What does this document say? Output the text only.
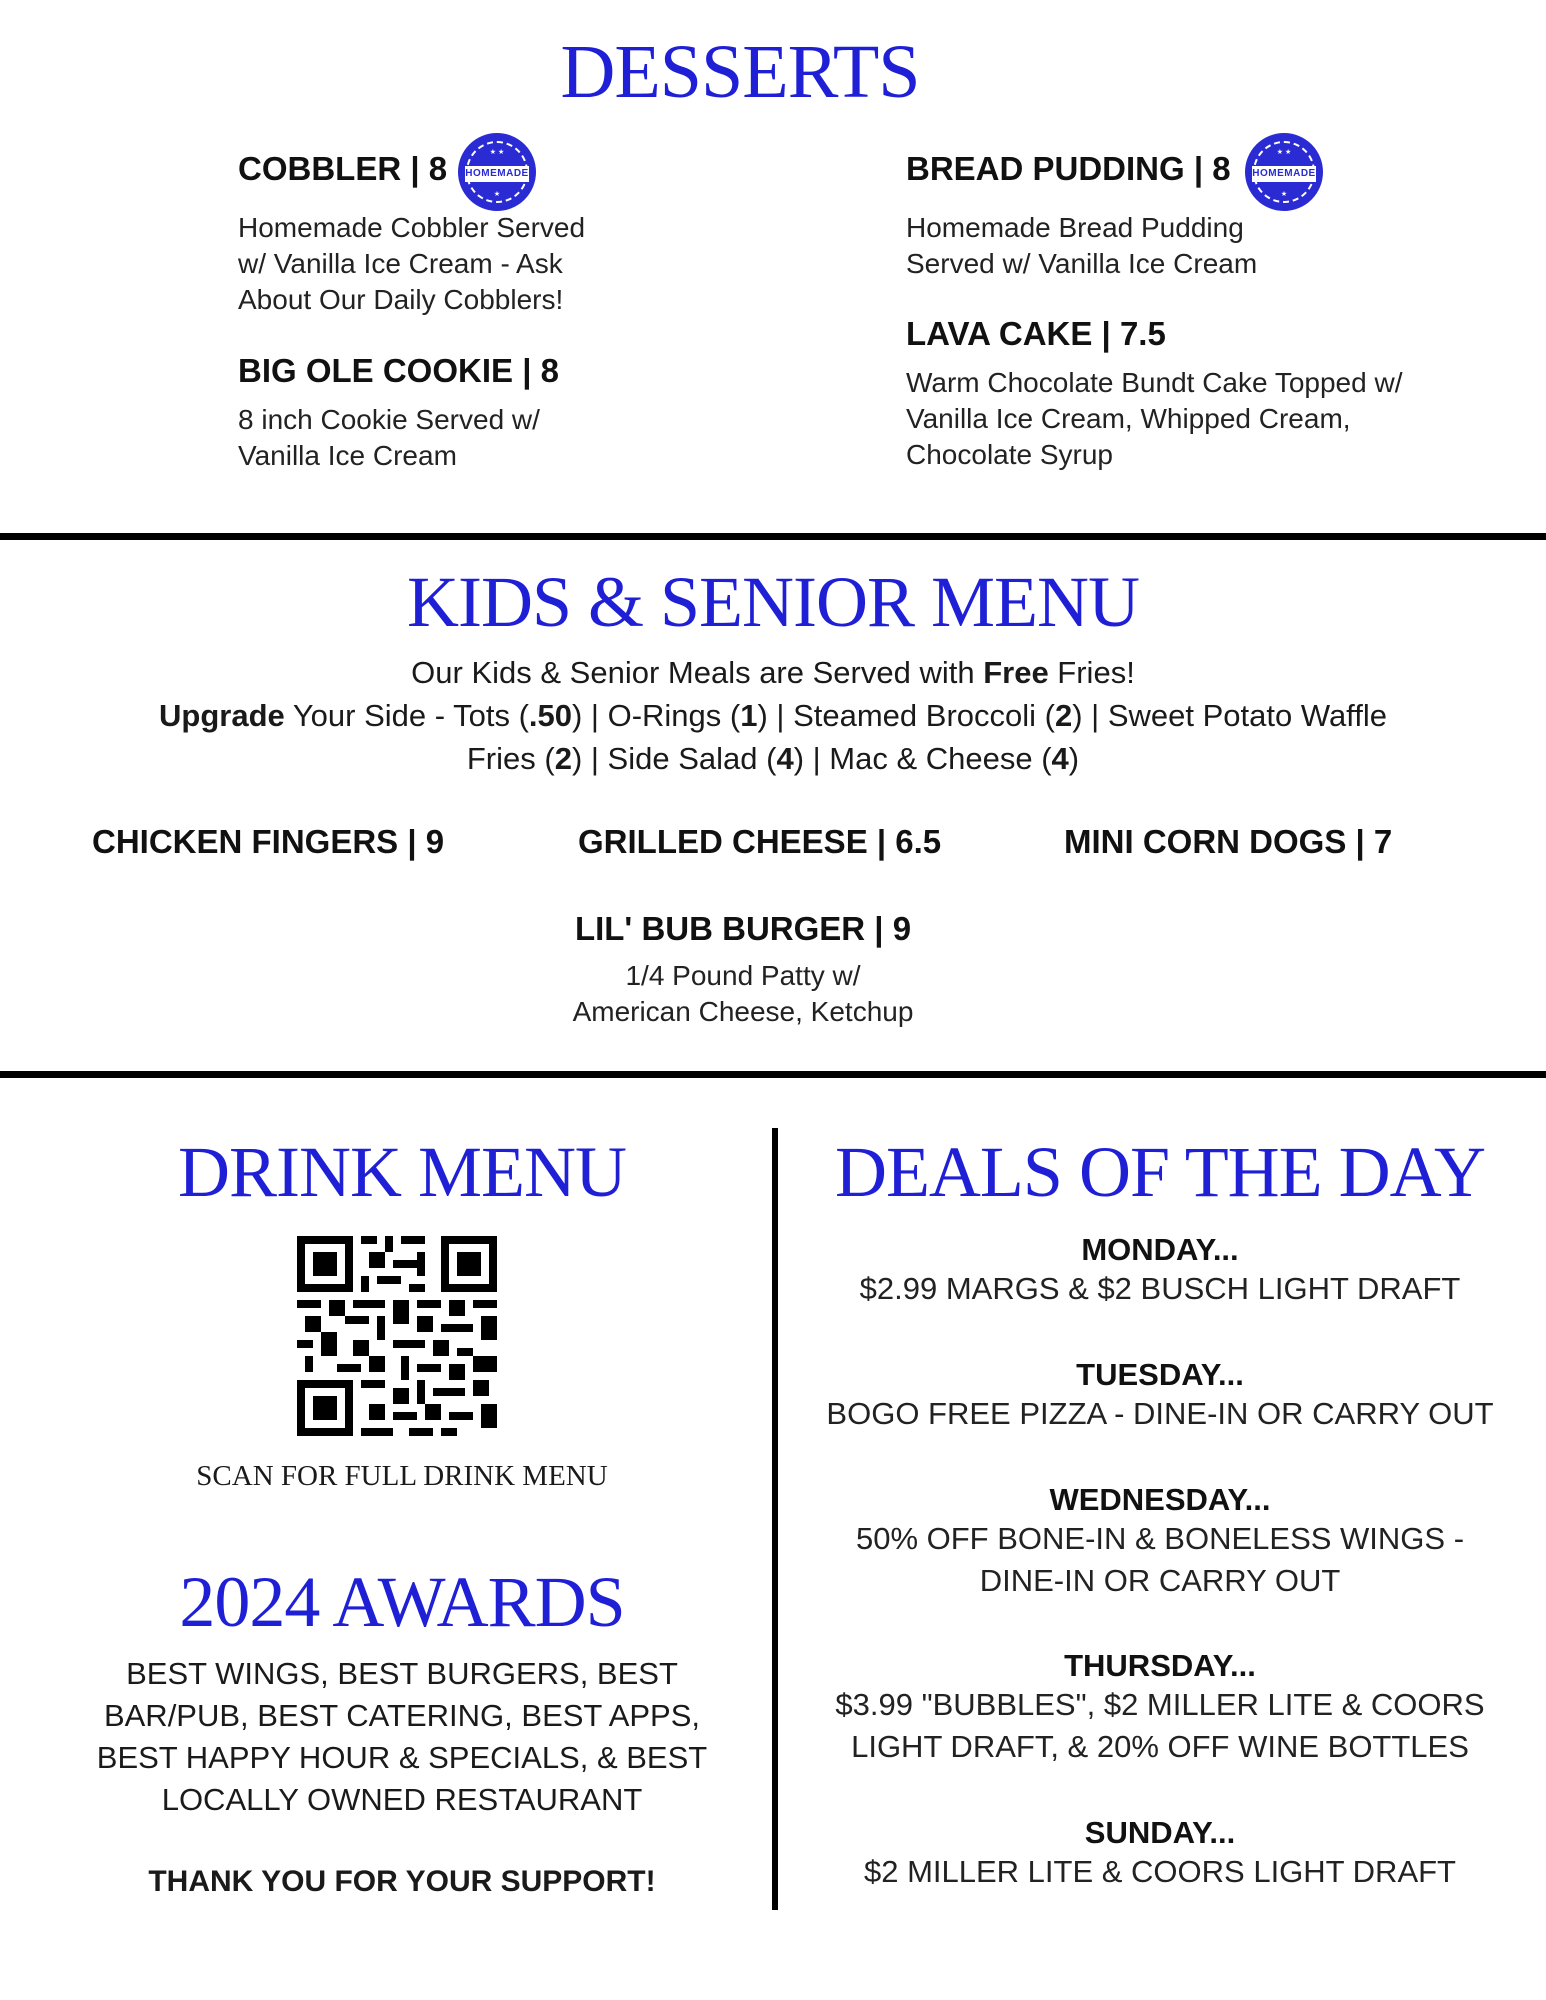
DESSERTS

COBBLER | 8

Homemade Cobbler Served w/ Vanilla Ice Cream - Ask About Our Daily Cobblers!

★ ★
HOMEMADE
★

BIG OLE COOKIE | 8

8 inch Cookie Served w/ Vanilla Ice Cream

BREAD PUDDING | 8

Homemade Bread Pudding Served w/ Vanilla Ice Cream

★ ★
HOMEMADE
★

LAVA CAKE | 7.5

Warm Chocolate Bundt Cake Topped w/ Vanilla Ice Cream, Whipped Cream, Chocolate Syrup

KIDS & SENIOR MENU
Our Kids & Senior Meals are Served with Free Fries!
Upgrade Your Side - Tots (.50) | O-Rings (1) | Steamed Broccoli (2) | Sweet Potato Waffle
Fries (2) | Side Salad (4) | Mac & Cheese (4)

CHICKEN FINGERS | 9	GRILLED CHEESE | 6.5	MINI CORN DOGS | 7

LIL' BUB BURGER | 9

1/4 Pound Patty w/

American Cheese, Ketchup

DRINK MENU

SCAN FOR FULL DRINK MENU

2024 AWARDS
BEST WINGS, BEST BURGERS, BEST
BAR/PUB, BEST CATERING, BEST APPS,
BEST HAPPY HOUR & SPECIALS, & BEST
LOCALLY OWNED RESTAURANT

THANK YOU FOR YOUR SUPPORT!

DEALS OF THE DAY

MONDAY...

$2.99 MARGS & $2 BUSCH LIGHT DRAFT

TUESDAY...

BOGO FREE PIZZA - DINE-IN OR CARRY OUT

WEDNESDAY...

50% OFF BONE-IN & BONELESS WINGS -

DINE-IN OR CARRY OUT

THURSDAY...

$3.99 "BUBBLES", $2 MILLER LITE & COORS

LIGHT DRAFT, & 20% OFF WINE BOTTLES

SUNDAY...

$2 MILLER LITE & COORS LIGHT DRAFT
